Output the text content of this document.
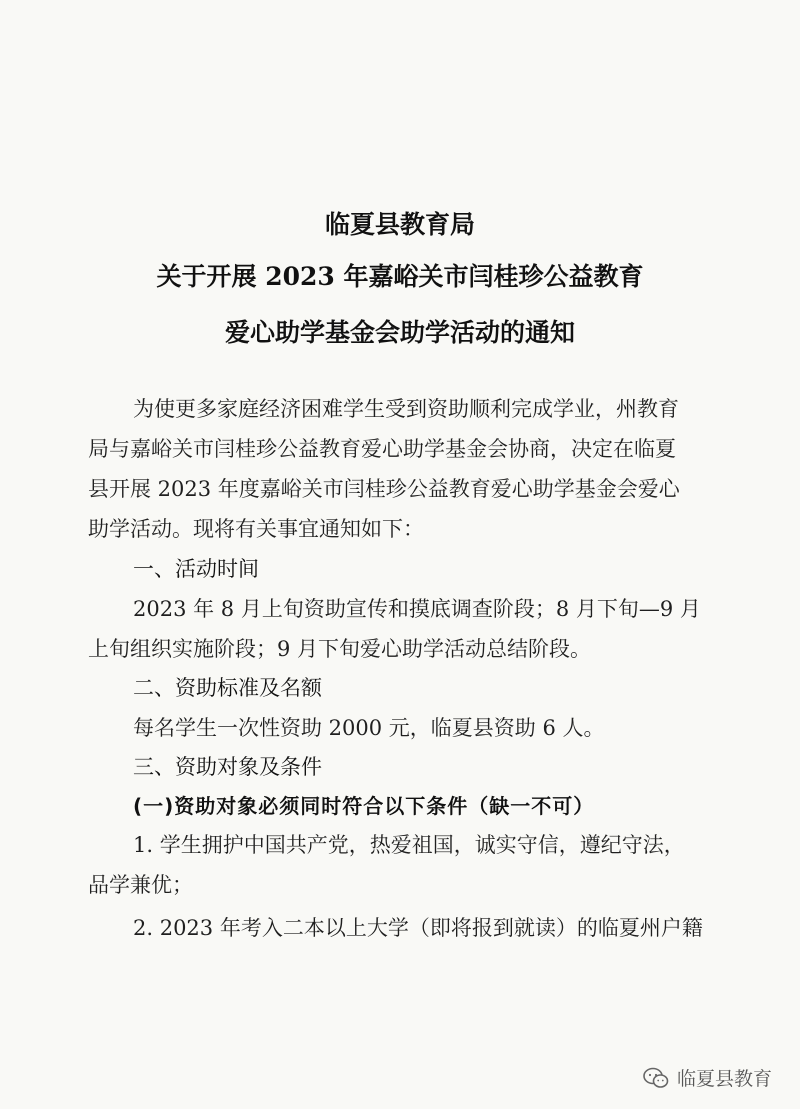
临夏县教育局
关于开展 2023 年嘉峪关市闫桂珍公益教育
爱心助学基金会助学活动的通知
为使更多家庭经济困难学生受到资助顺利完成学业，州教育
局与嘉峪关市闫桂珍公益教育爱心助学基金会协商，决定在临夏
县开展 2023 年度嘉峪关市闫桂珍公益教育爱心助学基金会爱心
助学活动。现将有关事宜通知如下：
一、活动时间
2023 年 8 月上旬资助宣传和摸底调查阶段；8 月下旬—9 月
上旬组织实施阶段；9 月下旬爱心助学活动总结阶段。
二、资助标准及名额
每名学生一次性资助 2000 元，临夏县资助 6 人。
三、资助对象及条件
(一)资助对象必须同时符合以下条件（缺一不可）
1. 学生拥护中国共产党，热爱祖国，诚实守信，遵纪守法，
品学兼优；
2. 2023 年考入二本以上大学（即将报到就读）的临夏州户籍
临夏县教育
